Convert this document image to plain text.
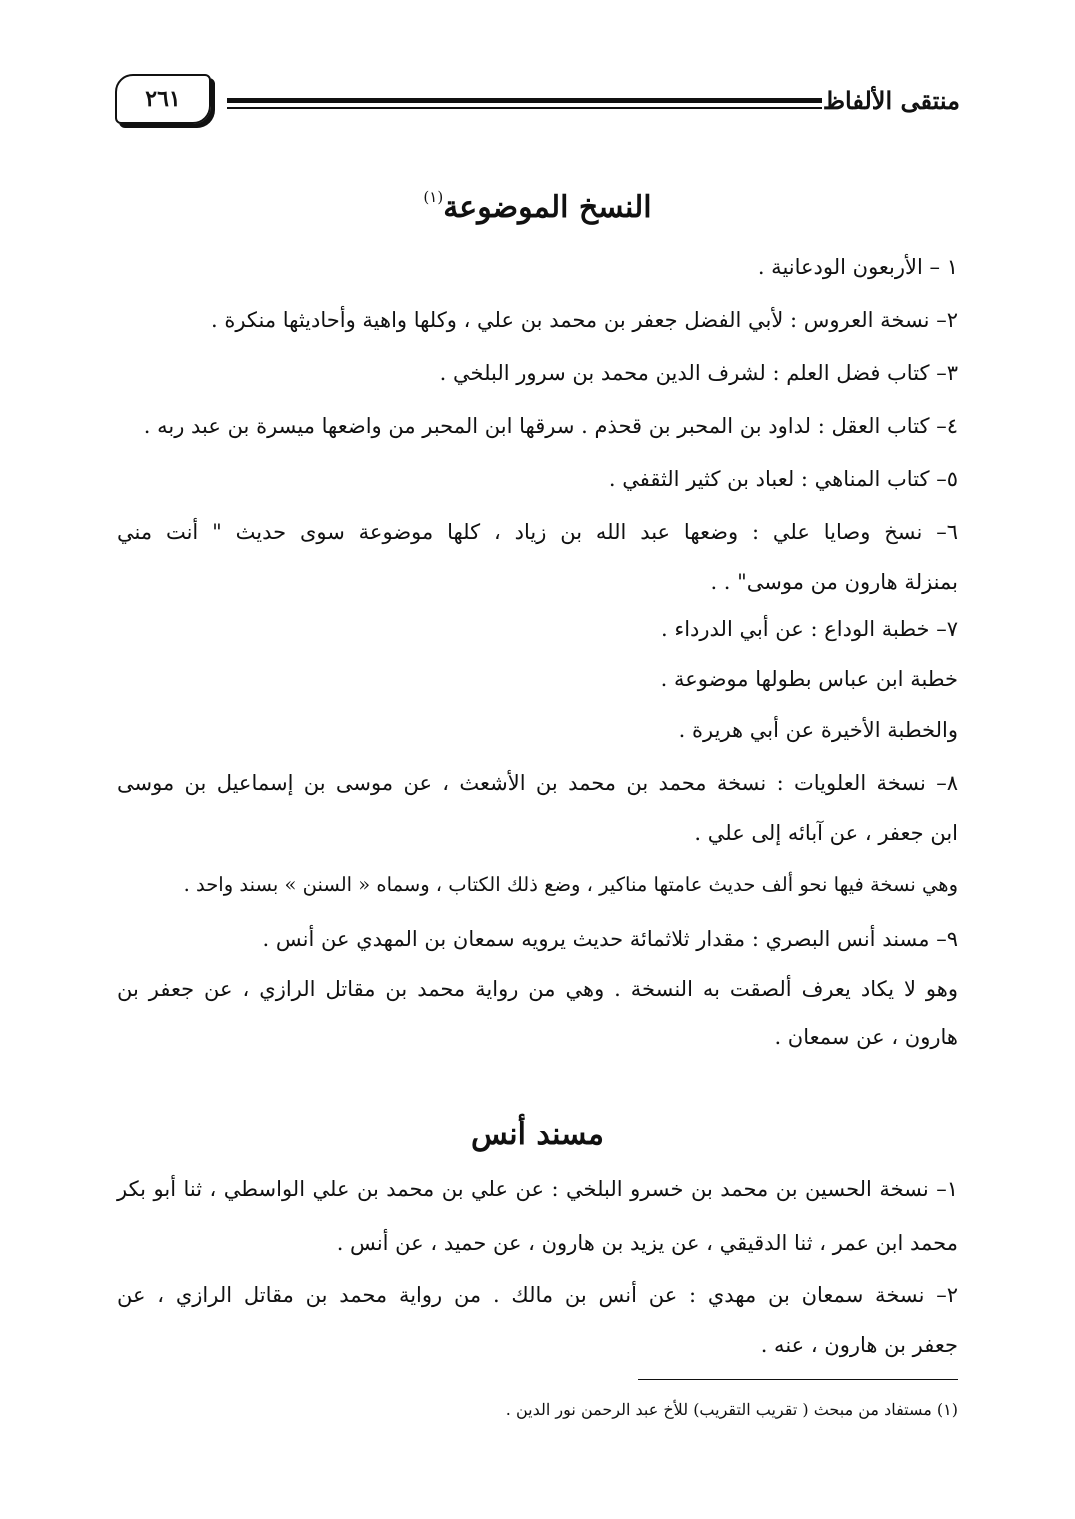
منتقى الألفاظ
٢٦١
النسخ الموضوعة$^{(١)}$
١ – الأربعون الودعانية .
٢– نسخة العروس : لأبي الفضل جعفر بن محمد بن علي ، وكلها واهية وأحاديثها منكرة .
٣– كتاب فضل العلم : لشرف الدين محمد بن سرور البلخي .
٤– كتاب العقل : لداود بن المحبر بن قحذم . سرقها ابن المحبر من واضعها ميسرة بن عبد ربه .
٥– كتاب المناهي : لعباد بن كثير الثقفي .
٦– نسخ وصايا علي : وضعها عبد الله بن زياد ، كلها موضوعة سوى حديث " أنت مني
بمنزلة هارون من موسى" . .
٧– خطبة الوداع : عن أبي الدرداء .
خطبة ابن عباس بطولها موضوعة .
والخطبة الأخيرة عن أبي هريرة .
٨– نسخة العلويات : نسخة محمد بن محمد بن الأشعث ، عن موسى بن إسماعيل بن موسى
ابن جعفر ، عن آبائه إلى علي .
وهي نسخة فيها نحو ألف حديث عامتها مناكير ، وضع ذلك الكتاب ، وسماه « السنن » بسند واحد .
٩– مسند أنس البصري : مقدار ثلاثمائة حديث يرويه سمعان بن المهدي عن أنس .
وهو لا يكاد يعرف ألصقت به النسخة . وهي من رواية محمد بن مقاتل الرازي ، عن جعفر بن
هارون ، عن سمعان .
مسند أنس
١– نسخة الحسين بن محمد بن خسرو البلخي : عن علي بن محمد بن علي الواسطي ، ثنا أبو بكر
محمد ابن عمر ، ثنا الدقيقي ، عن يزيد بن هارون ، عن حميد ، عن أنس .
٢– نسخة سمعان بن مهدي : عن أنس بن مالك . من رواية محمد بن مقاتل الرازي ، عن
جعفر بن هارون ، عنه .
(١) مستفاد من مبحث ( تقريب التقريب) للأخ عبد الرحمن نور الدين .
